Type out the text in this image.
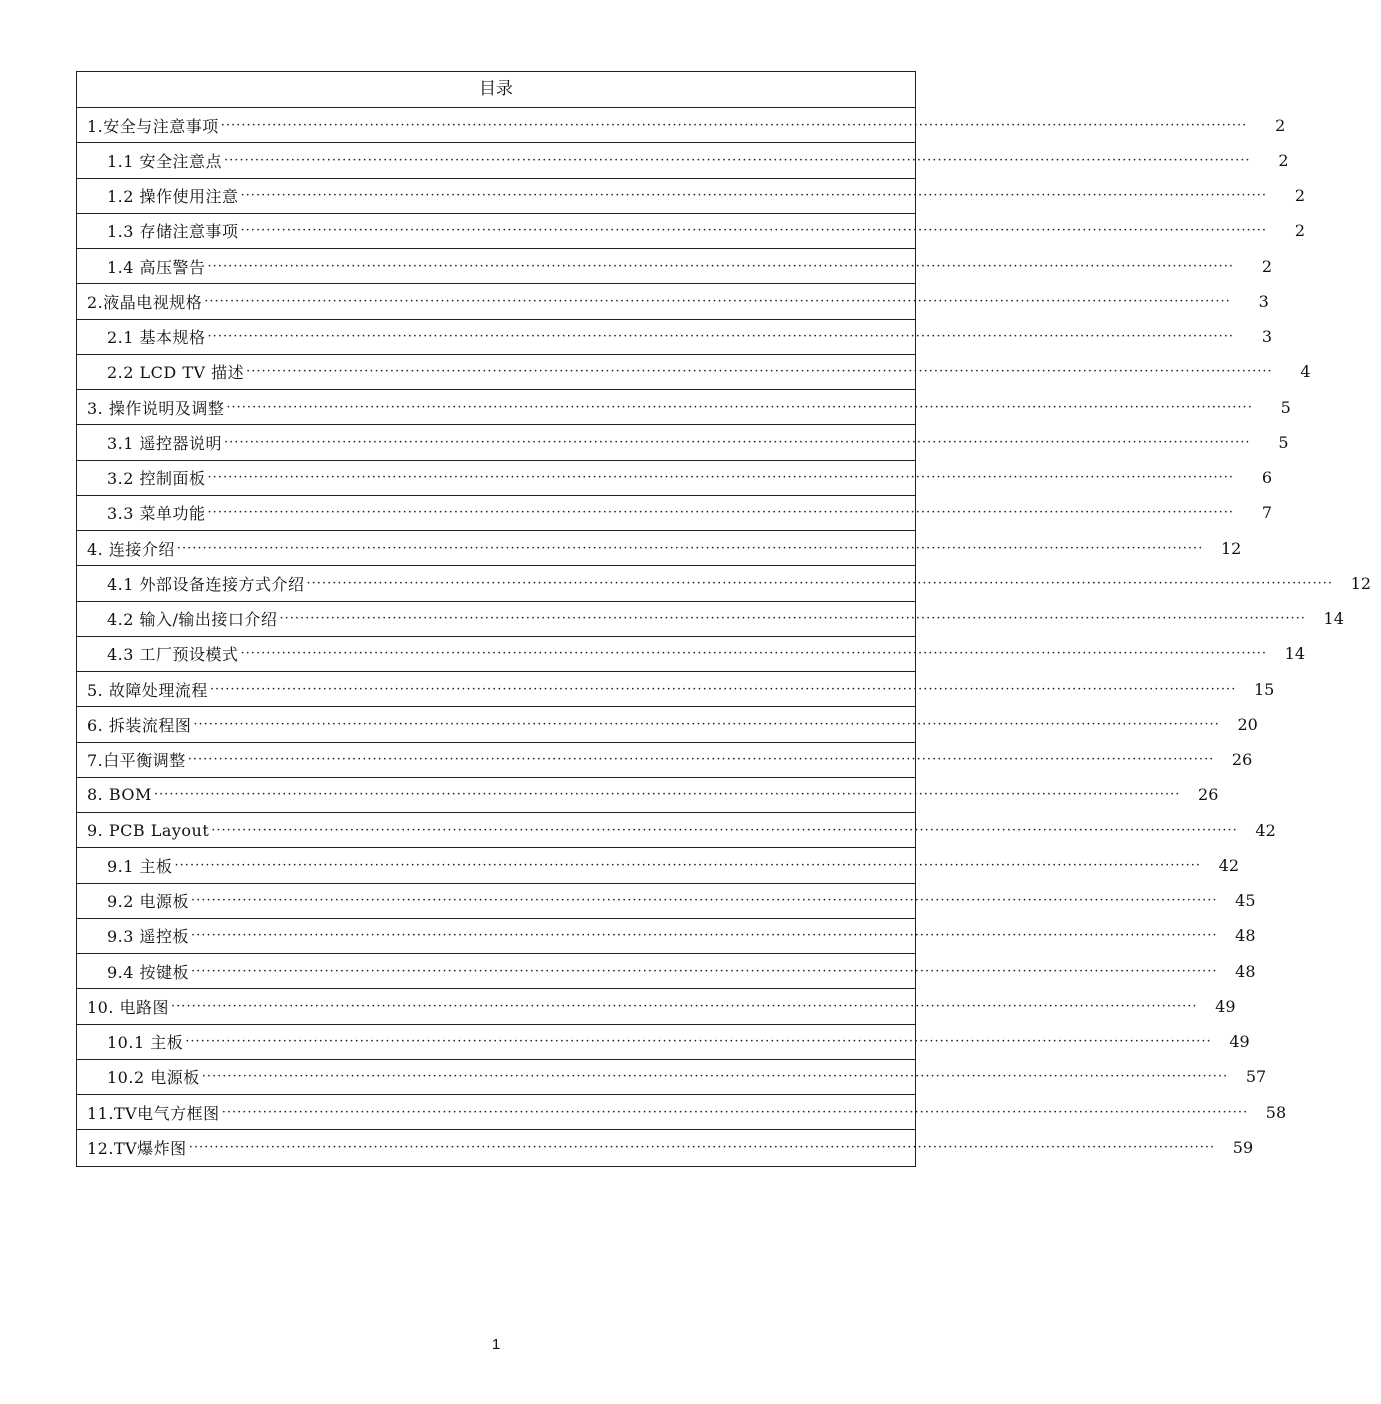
目录
1.安全与注意事项 ········································································································································································································	2
1.1 安全注意点 ········································································································································································································	2
1.2 操作使用注意 ········································································································································································································	2
1.3 存储注意事项 ········································································································································································································	2
1.4 高压警告 ········································································································································································································	2
2.液晶电视规格 ········································································································································································································	3
2.1 基本规格 ········································································································································································································	3
2.2 LCD TV 描述 ········································································································································································································	4
3. 操作说明及调整 ········································································································································································································	5
3.1 遥控器说明 ········································································································································································································	5
3.2 控制面板 ········································································································································································································	6
3.3 菜单功能 ········································································································································································································	7
4. 连接介绍 ········································································································································································································	12
4.1 外部设备连接方式介绍 ········································································································································································································	12
4.2 输入/输出接口介绍 ········································································································································································································	14
4.3 工厂预设模式 ········································································································································································································	14
5. 故障处理流程 ········································································································································································································	15
6. 拆装流程图 ········································································································································································································	20
7.白平衡调整 ········································································································································································································	26
8. BOM ········································································································································································································	26
9. PCB Layout ········································································································································································································	42
9.1 主板 ········································································································································································································	42
9.2 电源板 ········································································································································································································	45
9.3 遥控板 ········································································································································································································	48
9.4 按键板 ········································································································································································································	48
10. 电路图 ········································································································································································································	49
10.1 主板 ········································································································································································································	49
10.2 电源板 ········································································································································································································	57
11.TV电气方框图 ········································································································································································································	58
12.TV爆炸图 ········································································································································································································	59
1
